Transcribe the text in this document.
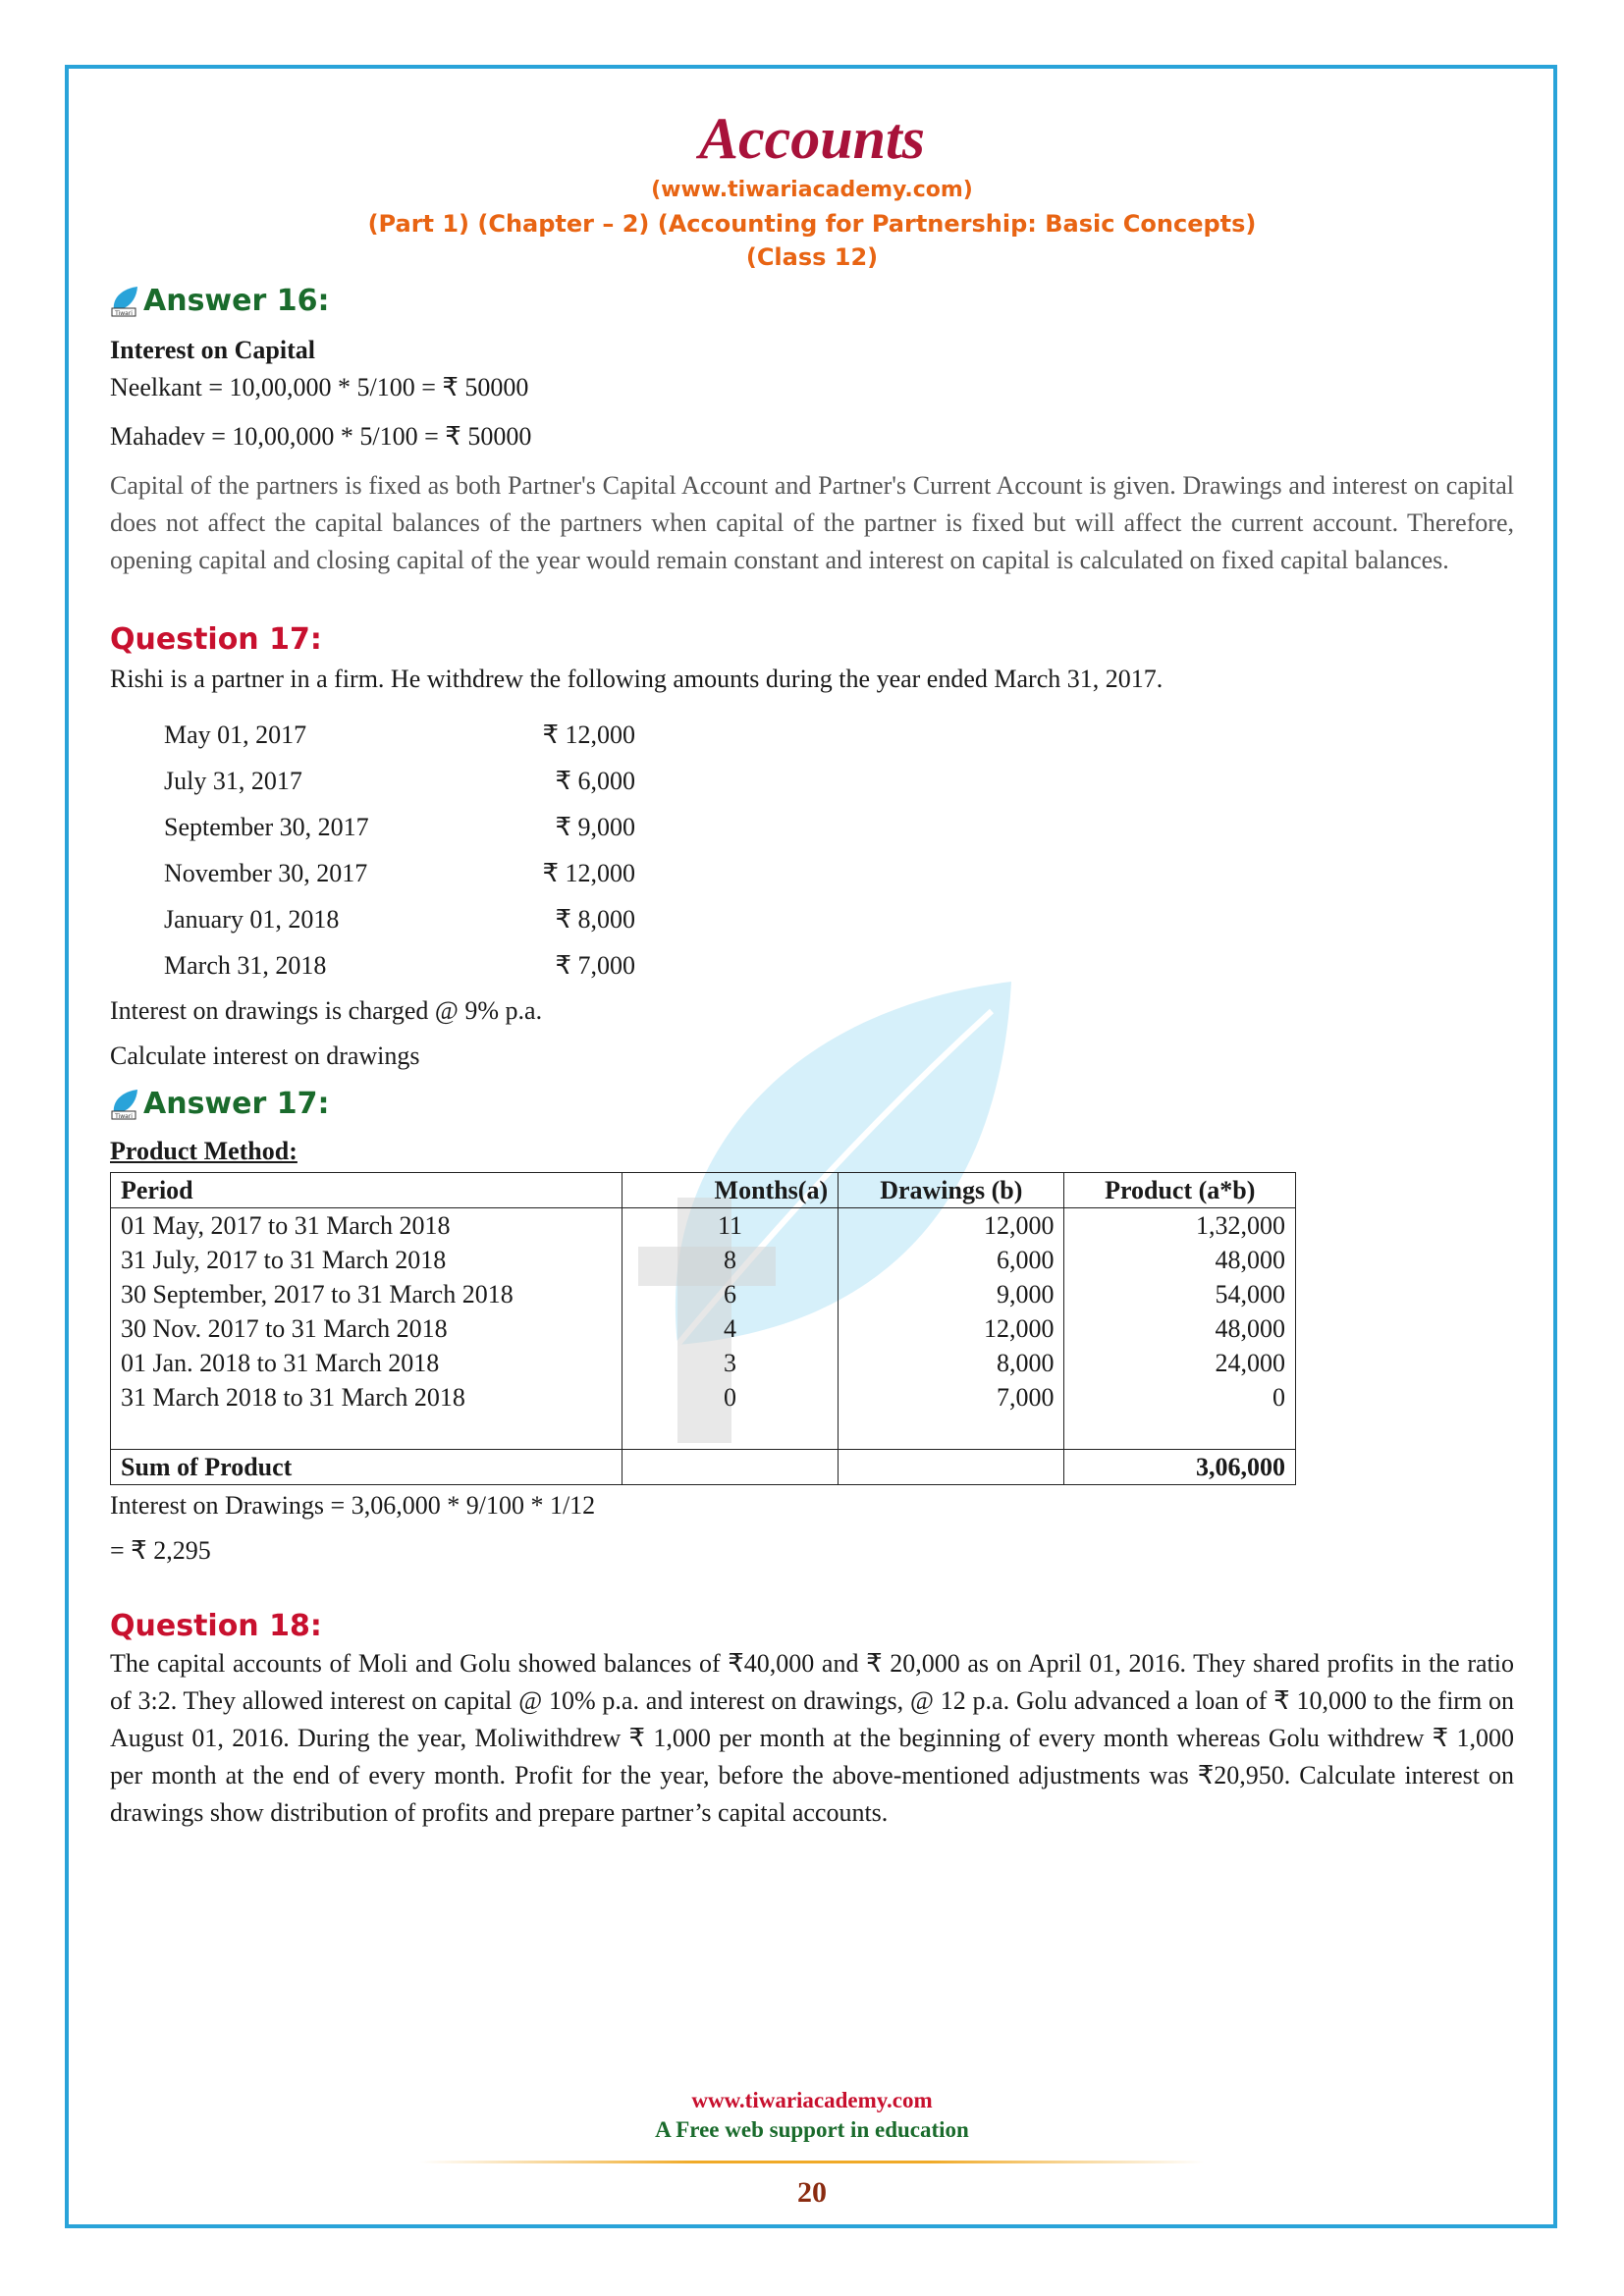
Accounts
(www.tiwariacademy.com)
(Part 1) (Chapter – 2) (Accounting for Partnership: Basic Concepts)
(Class 12)
Tiwari Answer 16:

Interest on Capital

Neelkant = 10,00,000 * 5/100 = ₹ 50000

Mahadev = 10,00,000 * 5/100 = ₹ 50000

Capital of the partners is fixed as both Partner's Capital Account and Partner's Current Account is given. Drawings and interest on capital does not affect the capital balances of the partners when capital of the partner is fixed but will affect the current account. Therefore, opening capital and closing capital of the year would remain constant and interest on capital is calculated on fixed capital balances.

Question 17:

Rishi is a partner in a firm. He withdrew the following amounts during the year ended March 31, 2017.

May 01, 2017	₹ 12,000
July 31, 2017	₹ 6,000
September 30, 2017	₹ 9,000
November 30, 2017	₹ 12,000
January 01, 2018	₹ 8,000
March 31, 2018	₹ 7,000

Interest on drawings is charged @ 9% p.a.

Calculate interest on drawings

Tiwari Answer 17:

Product Method:

Period	Months(a)	Drawings (b)	Product (a*b)
01 May, 2017 to 31 March 2018	11	12,000	1,32,000
31 July, 2017 to 31 March 2018	8	6,000	48,000
30 September, 2017 to 31 March 2018	6	9,000	54,000
30 Nov. 2017 to 31 March 2018	4	12,000	48,000
01 Jan. 2018 to 31 March 2018	3	8,000	24,000
31 March 2018 to 31 March 2018	0	7,000	0

Sum of Product			3,06,000

Interest on Drawings = 3,06,000 * 9/100 * 1/12

= ₹ 2,295

Question 18:

The capital accounts of Moli and Golu showed balances of ₹40,000 and ₹ 20,000 as on April 01, 2016. They shared profits in the ratio of 3:2. They allowed interest on capital @ 10% p.a. and interest on drawings, @ 12 p.a. Golu advanced a loan of ₹ 10,000 to the firm on August 01, 2016. During the year, Moliwithdrew ₹ 1,000 per month at the beginning of every month whereas Golu withdrew ₹ 1,000 per month at the end of every month. Profit for the year, before the above-mentioned adjustments was ₹20,950. Calculate interest on drawings show distribution of profits and prepare partner’s capital accounts.

www.tiwariacademy.com
A Free web support in education
20
